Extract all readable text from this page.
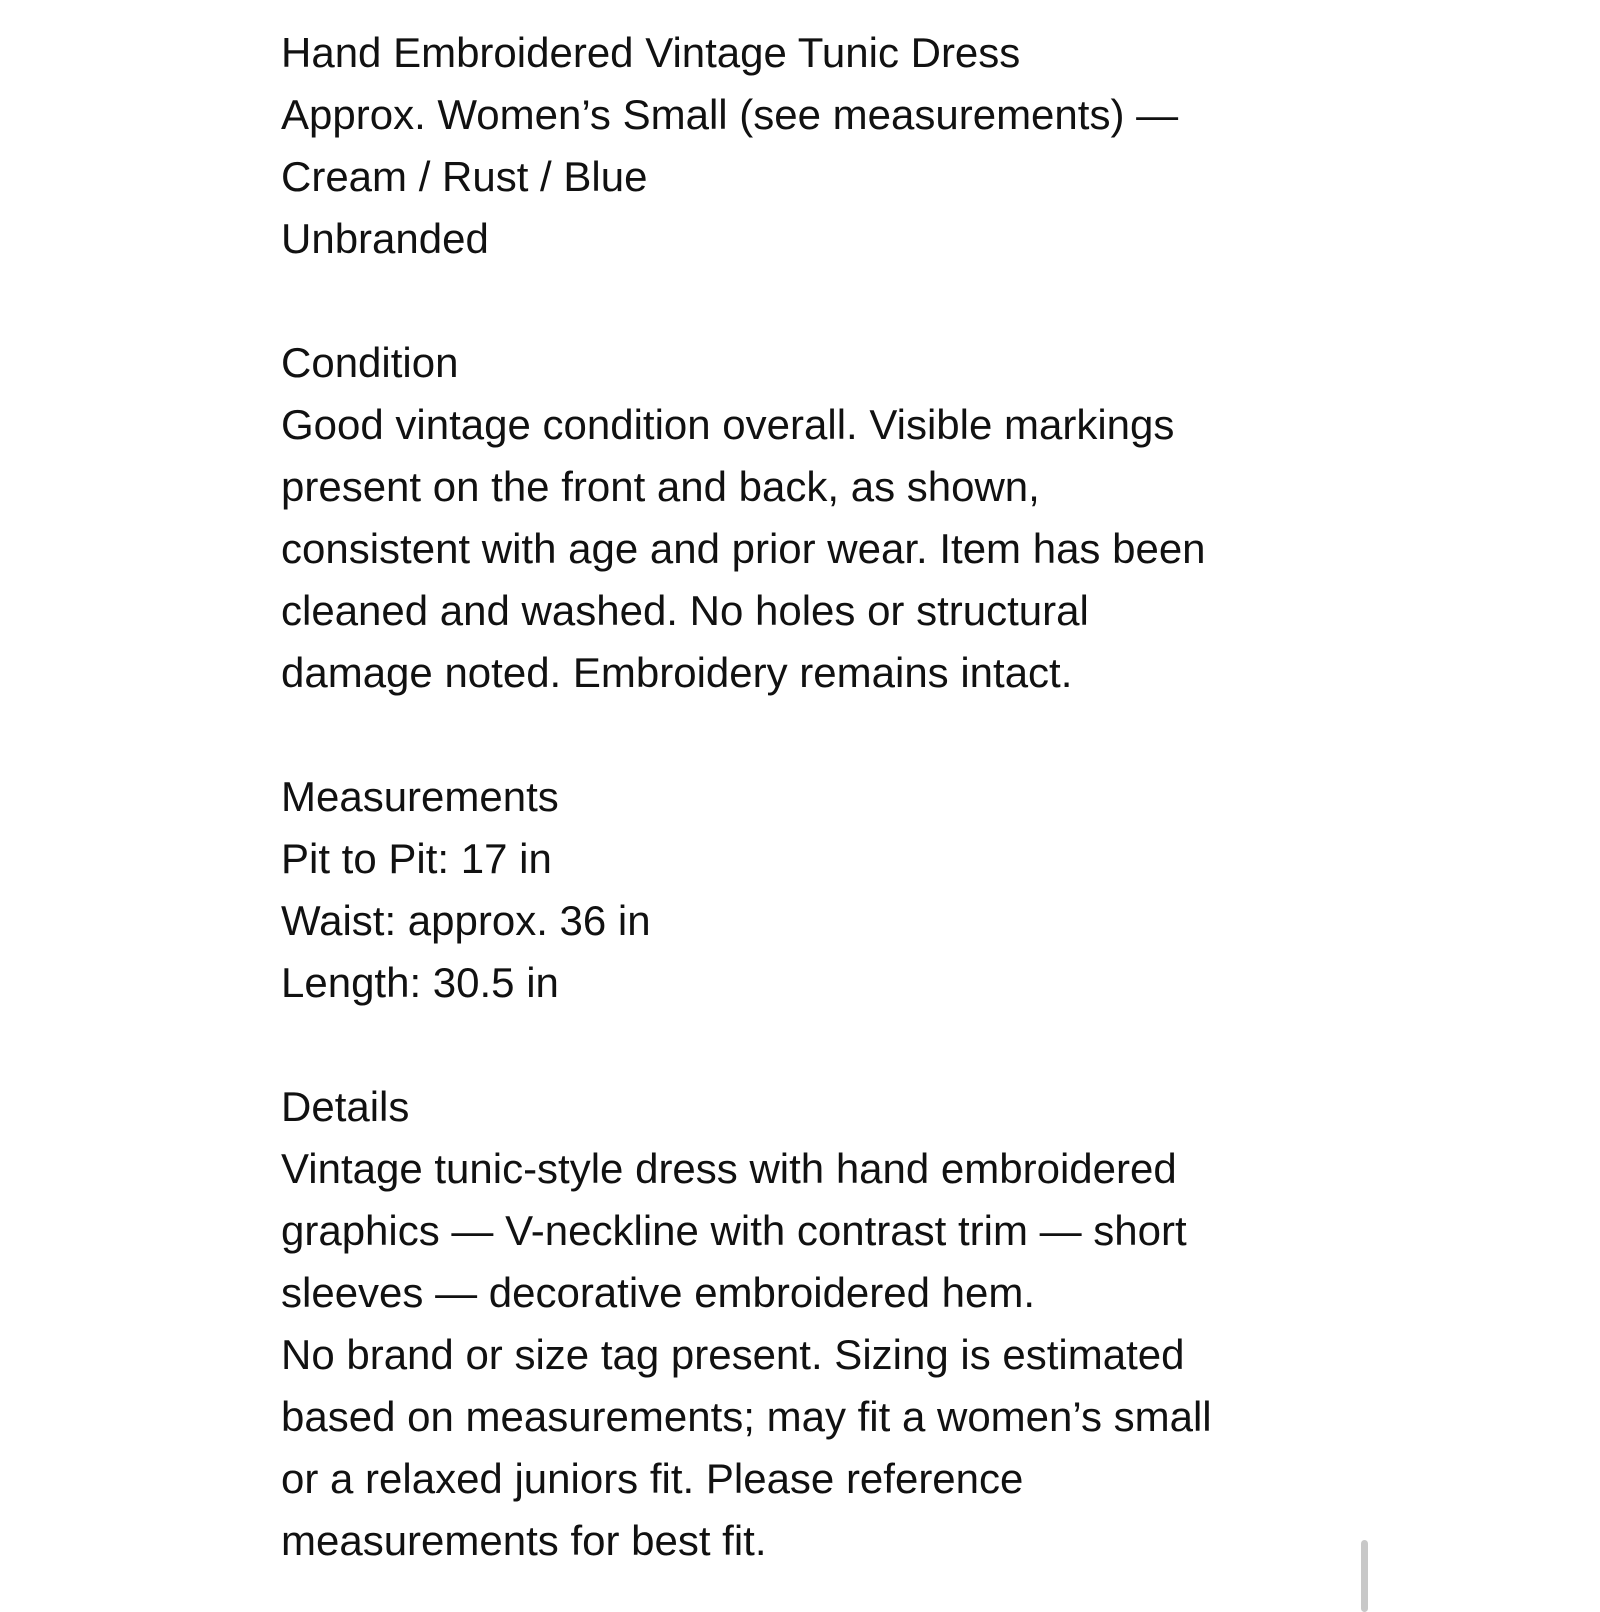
Hand Embroidered Vintage Tunic Dress
Approx. Women’s Small (see measurements) —
Cream / Rust / Blue
Unbranded
Condition
Good vintage condition overall. Visible markings
present on the front and back, as shown,
consistent with age and prior wear. Item has been
cleaned and washed. No holes or structural
damage noted. Embroidery remains intact.
Measurements
Pit to Pit: 17 in
Waist: approx. 36 in
Length: 30.5 in
Details
Vintage tunic-style dress with hand embroidered
graphics — V-neckline with contrast trim — short
sleeves — decorative embroidered hem.
No brand or size tag present. Sizing is estimated
based on measurements; may fit a women’s small
or a relaxed juniors fit. Please reference
measurements for best fit.
